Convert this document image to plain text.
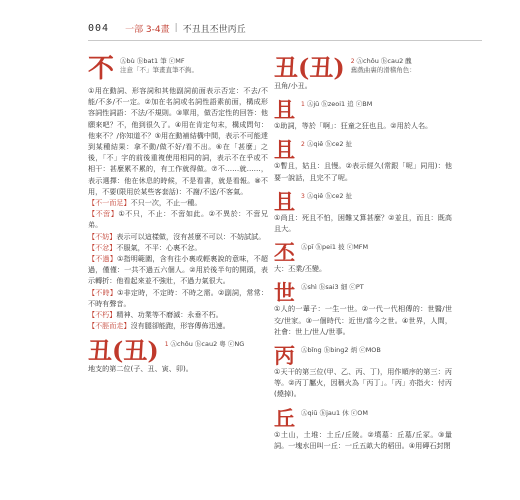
004 一部 3-4畫 | 不丑且丕世丙丘
不 Ⓐbù ⓑbat1 筆 ⓒMF
注意「不」筆畫直筆不鉤。

①用在動詞、形容詞和其他副詞前面表示否定：不去/不能/不多/不一定。②加在名詞或名詞性語素前面，構成形容詞性詞語：不法/不規則。③單用，做否定性的回答：他願來吧？不，他到很久了。④用在肯定句末，構成問句：他來不？/你知道不？⑤用在動補結構中間，表示不可能達到某種結果：拿不動/做不好/看不出。⑥在「甚麼」之後，「不」字的前後重複使用相同的詞，表示不在乎或不相干：甚麼累不累的，有工作就得做。⑦不……就……，表示選擇：他在休息的時候，不是看書，就是看報。⑧不用，不要(限用於某些客套話)：不謝/不送/不客氣。

【不一而足】不只一次，不止一種。

【不啻】①不只，不止：不啻如此。②不異於：不啻兄弟。

【不妨】表示可以這樣做，沒有甚麼不可以：不妨試試。

【不忿】不服氣，不平：心裏不忿。

【不過】①指明範圍，含有往小裏或輕裏說的意味，不超過，僅僅：一共不過五六個人。②用於後半句的開頭，表示轉折：他看起來並不強壯，不過力氣很大。

【不時】①非定時，不定時：不時之需。②副詞，常常：不時有聲音。

【不朽】精神、功業等不磨滅：永垂不朽。

【不脛而走】沒有腿卻能跑，形容傳佈迅速。

丑(丑) 1 Ⓐchǒu ⓑcau2 粵 ⓒNG

地支的第二位(子、丑、寅、卯)。

丑(丑) 2 Ⓐchǒu ⓑcau2 醜
舊戲曲裏的滑稽角色：

丑角/小丑。

且 1 Ⓐjū ⓑzeoi1 追 ⓒBM

①助詞，等於「啊」：狂童之狂也且。②用於人名。

且 2 Ⓐqiě ⓑce2 扯

①暫且，姑且：且慢。②表示經久(常跟「呢」同用)：他要一說話，且完不了呢。

且 3 Ⓐqiě ⓑce2 扯

①尚且：死且不怕，困難又算甚麼？②並且，而且：既高且大。

丕 Ⓐpī ⓑpei1 披 ⓒMFM

大：丕業/丕變。

世 Ⓐshì ⓑsai3 細 ⓒPT

①人的一輩子：一生一世。②一代一代相傳的：世醫/世交/世家。③一個時代：近世/當今之世。④世界，人間，社會：世上/世人/世事。

丙 Ⓐbǐng ⓑbing2 炳 ⓒMOB

①天干的第三位(甲、乙、丙、丁)，用作順序的第三：丙等。②丙丁屬火，因稱火為「丙丁」。「丙」亦指火：付丙(燒掉)。

丘 Ⓐqiū ⓑjau1 休 ⓒOM

①土山，土堆：土丘/丘陵。②墳墓：丘墓/丘冢。③量詞。一塊水田叫一丘：一丘五畝大的稻田。④用磚石封閉
